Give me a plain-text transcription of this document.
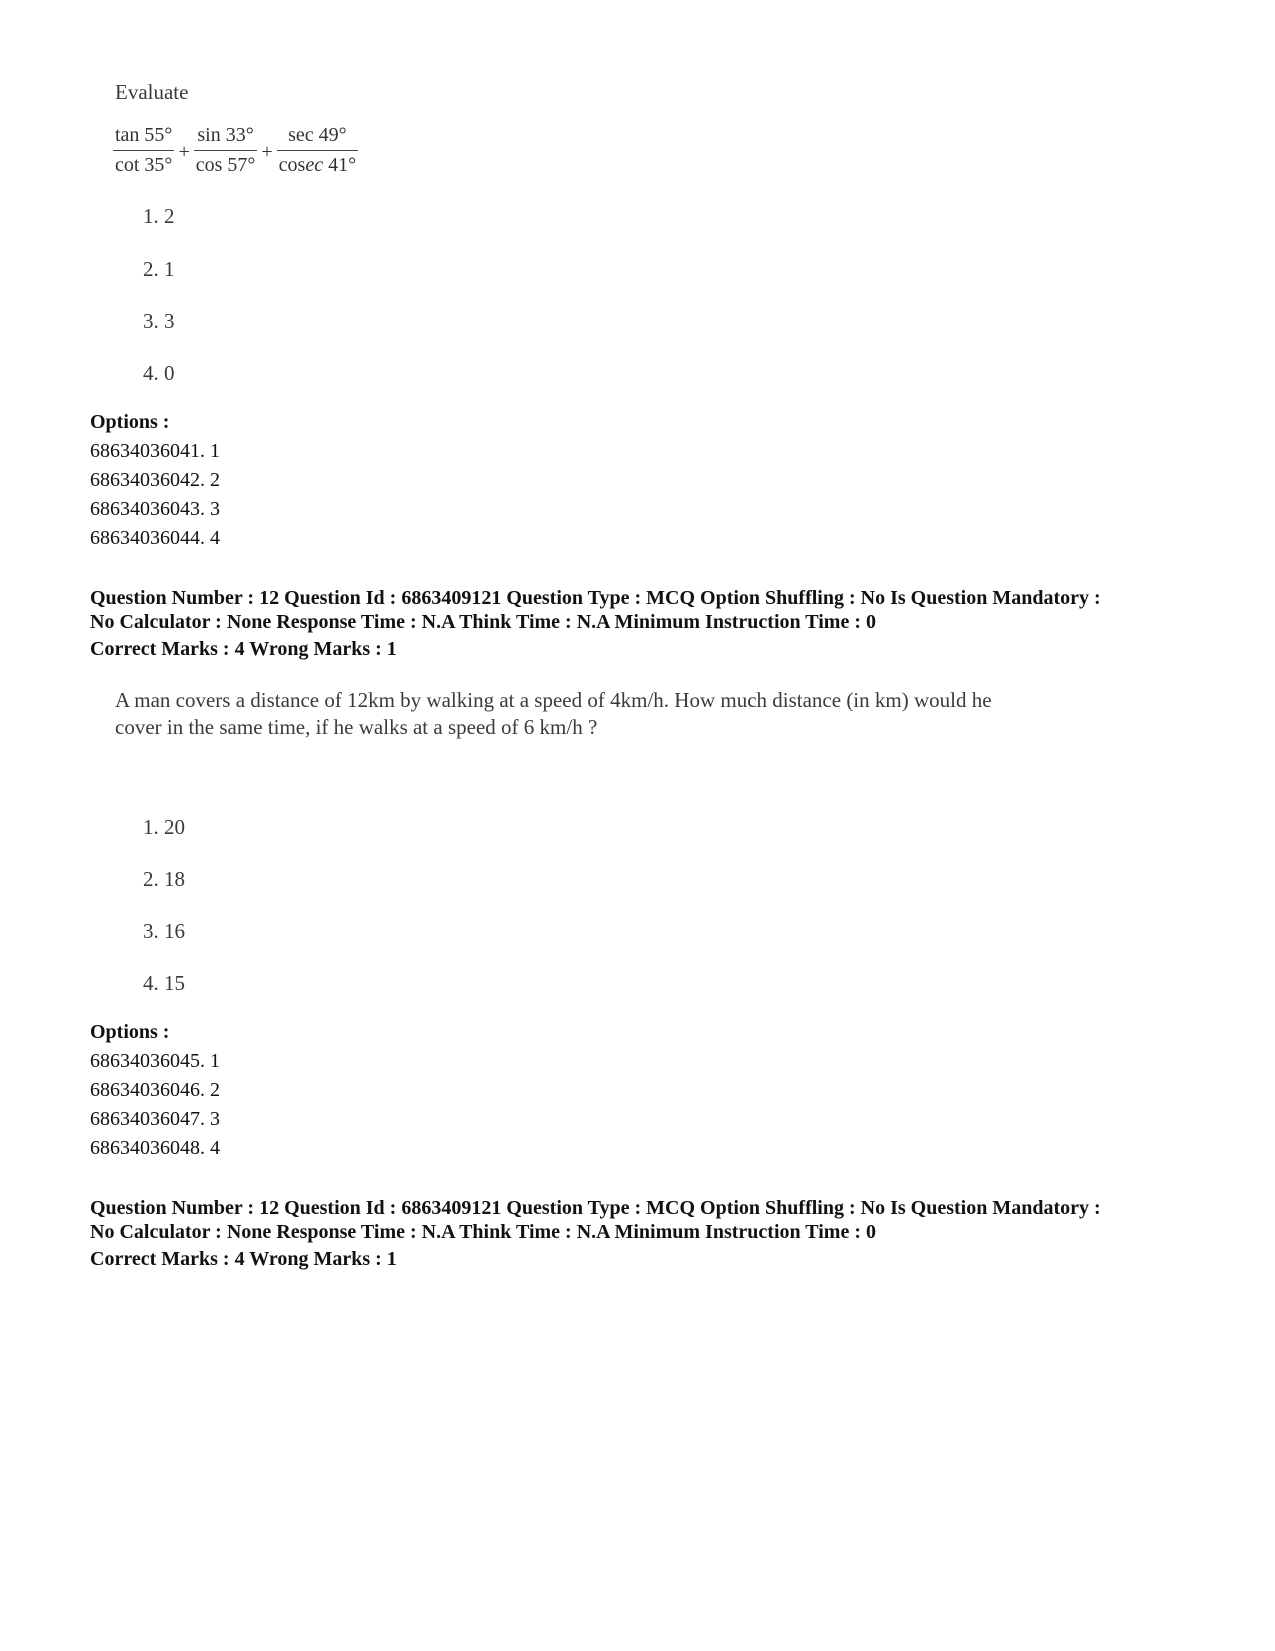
Evaluate
$\frac{\tan 55^\circ}{\cot 35^\circ} + \frac{\sin 33^\circ}{\cos 57^\circ} + \frac{\sec 49^\circ}{cosec 41^\circ}$
1. 2
2. 1
3. 3
4. 0
Options :
68634036041. 1
68634036042. 2
68634036043. 3
68634036044. 4
Question Number : 12 Question Id : 6863409121 Question Type : MCQ Option Shuffling : No Is Question Mandatory :
No Calculator : None Response Time : N.A Think Time : N.A Minimum Instruction Time : 0
Correct Marks : 4 Wrong Marks : 1
A man covers a distance of 12km by walking at a speed of 4km/h. How much distance (in km) would he
cover in the same time, if he walks at a speed of 6 km/h ?
1. 20
2. 18
3. 16
4. 15
Options :
68634036045. 1
68634036046. 2
68634036047. 3
68634036048. 4
Question Number : 12 Question Id : 6863409121 Question Type : MCQ Option Shuffling : No Is Question Mandatory :
No Calculator : None Response Time : N.A Think Time : N.A Minimum Instruction Time : 0
Correct Marks : 4 Wrong Marks : 1
